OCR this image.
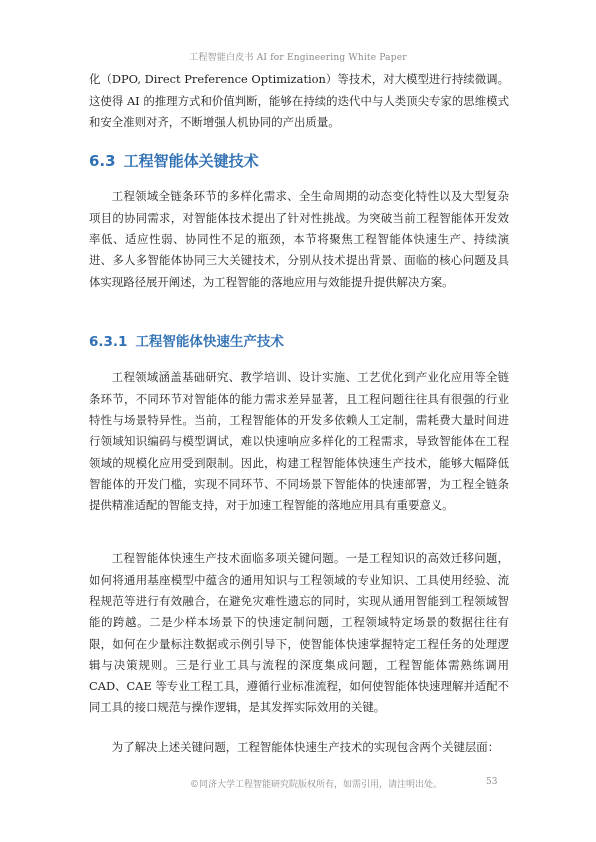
工程智能白皮书 AI for Engineering White Paper

化（DPO, Direct Preference Optimization）等技术，对大模型进行持续微调。这使得 AI 的推理方式和价值判断，能够在持续的迭代中与人类顶尖专家的思维模式和安全准则对齐，不断增强人机协同的产出质量。

6.3 工程智能体关键技术

工程领域全链条环节的多样化需求、全生命周期的动态变化特性以及大型复杂项目的协同需求，对智能体技术提出了针对性挑战。为突破当前工程智能体开发效率低、适应性弱、协同性不足的瓶颈，本节将聚焦工程智能体快速生产、持续演进、多人多智能体协同三大关键技术，分别从技术提出背景、面临的核心问题及具体实现路径展开阐述，为工程智能的落地应用与效能提升提供解决方案。

6.3.1 工程智能体快速生产技术

工程领域涵盖基础研究、教学培训、设计实施、工艺优化到产业化应用等全链条环节，不同环节对智能体的能力需求差异显著，且工程问题往往具有很强的行业特性与场景特异性。当前，工程智能体的开发多依赖人工定制，需耗费大量时间进行领域知识编码与模型调试，难以快速响应多样化的工程需求，导致智能体在工程领域的规模化应用受到限制。因此，构建工程智能体快速生产技术，能够大幅降低智能体的开发门槛，实现不同环节、不同场景下智能体的快速部署，为工程全链条提供精准适配的智能支持，对于加速工程智能的落地应用具有重要意义。

工程智能体快速生产技术面临多项关键问题。一是工程知识的高效迁移问题，如何将通用基座模型中蕴含的通用知识与工程领域的专业知识、工具使用经验、流程规范等进行有效融合，在避免灾难性遗忘的同时，实现从通用智能到工程领域智能的跨越。二是少样本场景下的快速定制问题，工程领域特定场景的数据往往有限，如何在少量标注数据或示例引导下，使智能体快速掌握特定工程任务的处理逻辑与决策规则。三是行业工具与流程的深度集成问题，工程智能体需熟练调用 CAD、CAE 等专业工程工具，遵循行业标准流程，如何使智能体快速理解并适配不同工具的接口规范与操作逻辑，是其发挥实际效用的关键。

为了解决上述关键问题，工程智能体快速生产技术的实现包含两个关键层面：

©同济大学工程智能研究院版权所有，如需引用，请注明出处。	53
